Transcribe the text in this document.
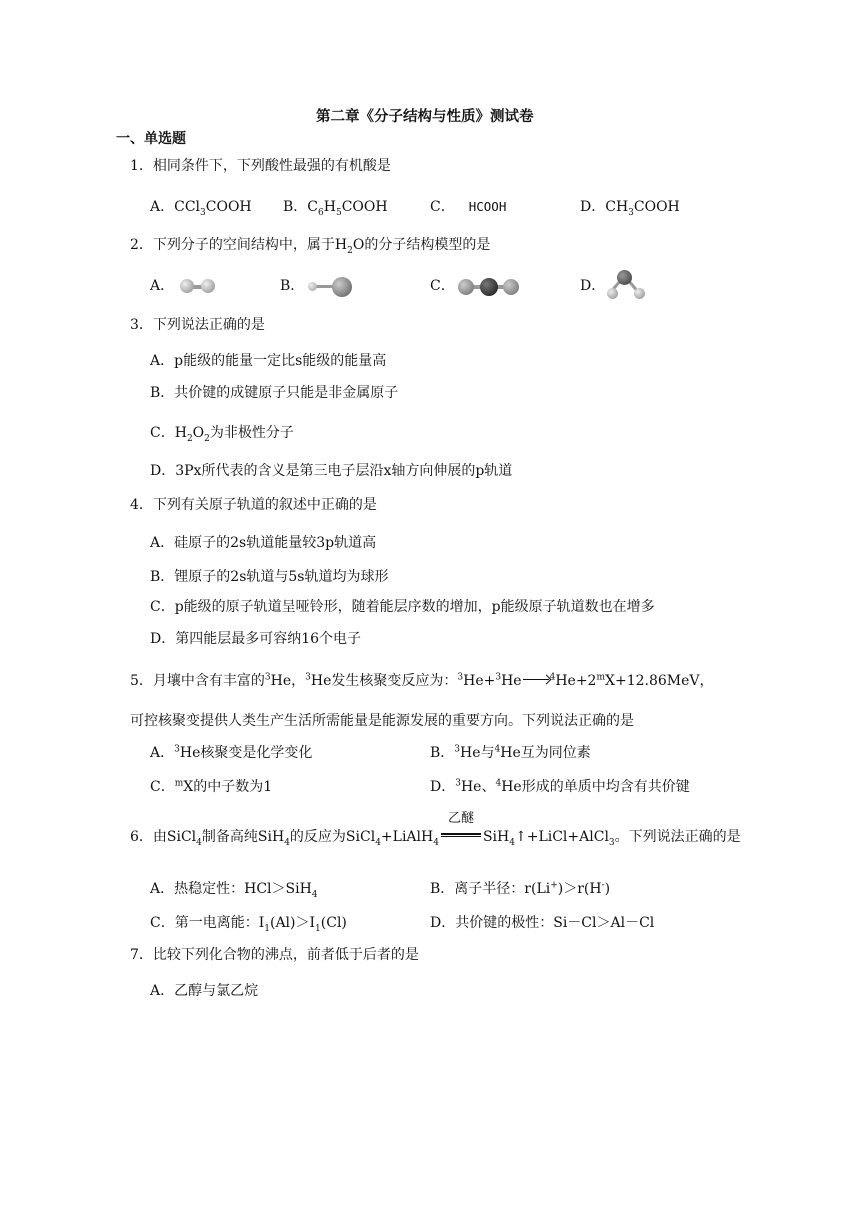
第二章《分子结构与性质》测试卷
一、单选题
1．相同条件下，下列酸性最强的有机酸是
A．CCl$_3$COOH B．$C_6H_5COOH$	C． HCOOH	D．$CH_3COOH$
2．下列分子的空间结构中，属于$H_2O$的分子结构模型的是
A．	B．	C．	D．
3．下列说法正确的是
A．p能级的能量一定比s能级的能量高
B．共价键的成键原子只能是非金属原子
C．$H_2O_2$为非极性分子
D．3Px所代表的含义是第三电子层沿x轴方向伸展的p轨道
4．下列有关原子轨道的叙述中正确的是
A．硅原子的2s轨道能量较3p轨道高
B．锂原子的2s轨道与5s轨道均为球形
C．p能级的原子轨道呈哑铃形，随着能层序数的增加，p能级原子轨道数也在增多
D．第四能层最多可容纳16个电子
5．月壤中含有丰富的$^3$He，$^3$He发生核聚变反应为：$^3$He+$^3$He	$^4He+2^mX+12.86MeV$，
可控核聚变提供人类生产生活所需能量是能源发展的重要方向。下列说法正确的是
A．$^3$He核聚变是化学变化	B．$^3$He与$^4$He互为同位素
C．$^m$X的中子数为1	D．$^3$He、$^4$He形成的单质中均含有共价键
6．由SiCl$_4$制备高纯SiH$_4$的反应为SiCl$_4$+LiAlH$_4$
乙醚
SiH$_4$↑+LiCl+AlCl$_3$。下列说法正确的是
A．热稳定性：HCl＞SiH$_4$	B．离子半径：r(Li+)＞r(H-)
C．第一电离能：$I_1(Al)>I_1(Cl)$	D．共价键的极性：Si－Cl＞Al－Cl
7．比较下列化合物的沸点，前者低于后者的是
A．乙醇与氯乙烷
